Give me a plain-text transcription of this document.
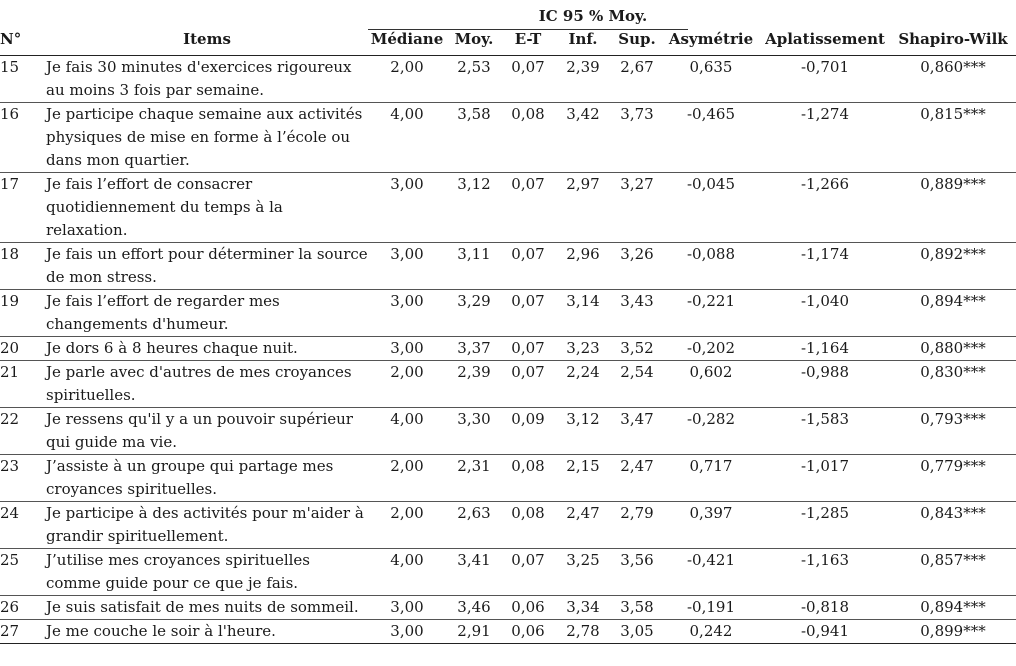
N°	Items	Médiane	Moy.	E-T	Inf.	Sup.	Asymétrie	Aplatissement	Shapiro-Wilk
15	Je fais 30 minutes d'exercices rigoureux au moins 3 fois par semaine.	2,00	2,53	0,07	2,39	2,67	0,635	-0,701	0,860***
16	Je participe chaque semaine aux activités physiques de mise en forme à l’école ou dans mon quartier.	4,00	3,58	0,08	3,42	3,73	-0,465	-1,274	0,815***
17	Je fais l’effort de consacrer quotidiennement du temps à la relaxation.	3,00	3,12	0,07	2,97	3,27	-0,045	-1,266	0,889***
18	Je fais un effort pour déterminer la source de mon stress.	3,00	3,11	0,07	2,96	3,26	-0,088	-1,174	0,892***
19	Je fais l’effort de regarder mes changements d'humeur.	3,00	3,29	0,07	3,14	3,43	-0,221	-1,040	0,894***
20	Je dors 6 à 8 heures chaque nuit.	3,00	3,37	0,07	3,23	3,52	-0,202	-1,164	0,880***
21	Je parle avec d'autres de mes croyances spirituelles.	2,00	2,39	0,07	2,24	2,54	0,602	-0,988	0,830***
22	Je ressens qu'il y a un pouvoir supérieur qui guide ma vie.	4,00	3,30	0,09	3,12	3,47	-0,282	-1,583	0,793***
23	J’assiste à un groupe qui partage mes croyances spirituelles.	2,00	2,31	0,08	2,15	2,47	0,717	-1,017	0,779***
24	Je participe à des activités pour m'aider à grandir spirituellement.	2,00	2,63	0,08	2,47	2,79	0,397	-1,285	0,843***
25	J’utilise mes croyances spirituelles comme guide pour ce que je fais.	4,00	3,41	0,07	3,25	3,56	-0,421	-1,163	0,857***
26	Je suis satisfait de mes nuits de sommeil.	3,00	3,46	0,06	3,34	3,58	-0,191	-0,818	0,894***
27	Je me couche le soir à l'heure.	3,00	2,91	0,06	2,78	3,05	0,242	-0,941	0,899***
IC 95 % Moy.
